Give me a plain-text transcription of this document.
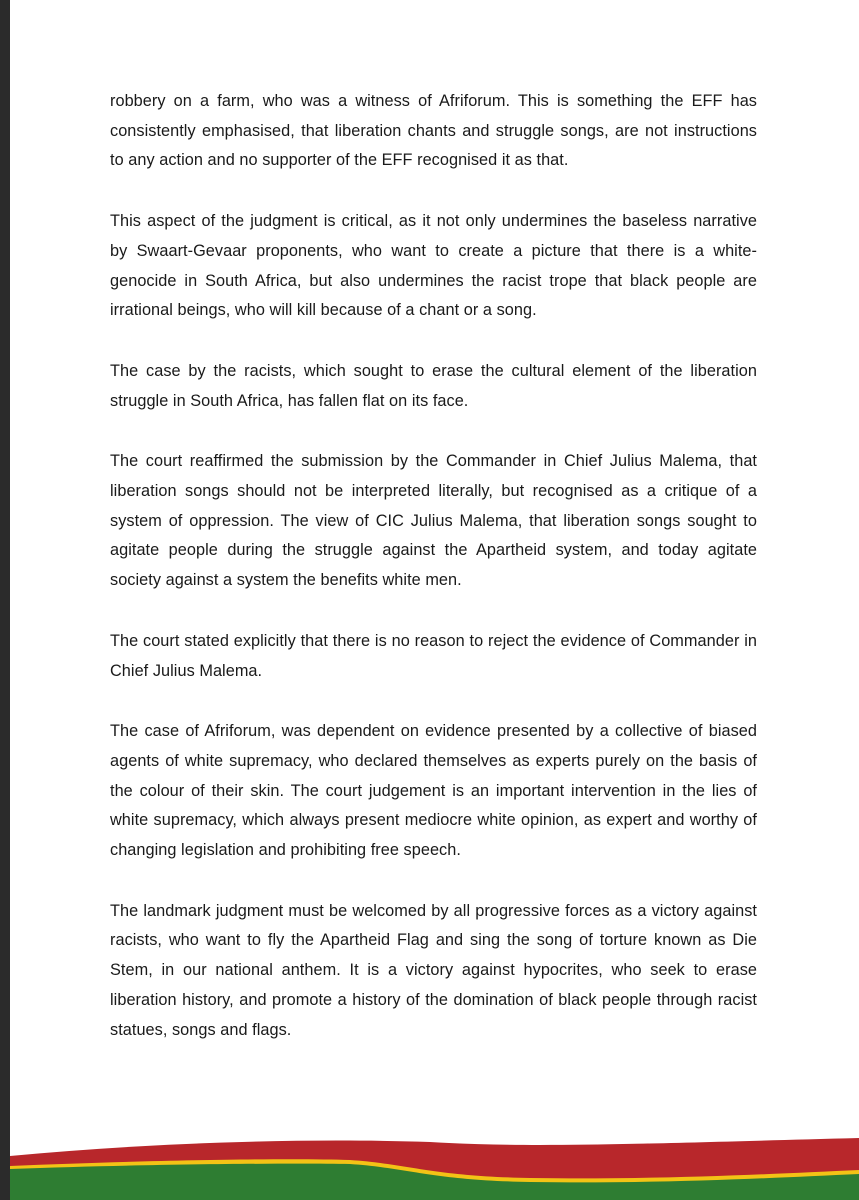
robbery on a farm, who was a witness of Afriforum. This is something the EFF has consistently emphasised, that liberation chants and struggle songs, are not instructions to any action and no supporter of the EFF recognised it as that.

This aspect of the judgment is critical, as it not only undermines the baseless narrative by Swaart-Gevaar proponents, who want to create a picture that there is a white-genocide in South Africa, but also undermines the racist trope that black people are irrational beings, who will kill because of a chant or a song.

The case by the racists, which sought to erase the cultural element of the liberation struggle in South Africa, has fallen flat on its face.

The court reaffirmed the submission by the Commander in Chief Julius Malema, that liberation songs should not be interpreted literally, but recognised as a critique of a system of oppression. The view of CIC Julius Malema, that liberation songs sought to agitate people during the struggle against the Apartheid system, and today agitate society against a system the benefits white men.

The court stated explicitly that there is no reason to reject the evidence of Commander in Chief Julius Malema.

The case of Afriforum, was dependent on evidence presented by a collective of biased agents of white supremacy, who declared themselves as experts purely on the basis of the colour of their skin. The court judgement is an important intervention in the lies of white supremacy, which always present mediocre white opinion, as expert and worthy of changing legislation and prohibiting free speech.

The landmark judgment must be welcomed by all progressive forces as a victory against racists, who want to fly the Apartheid Flag and sing the song of torture known as Die Stem, in our national anthem. It is a victory against hypocrites, who seek to erase liberation history, and promote a history of the domination of black people through racist statues, songs and flags.
